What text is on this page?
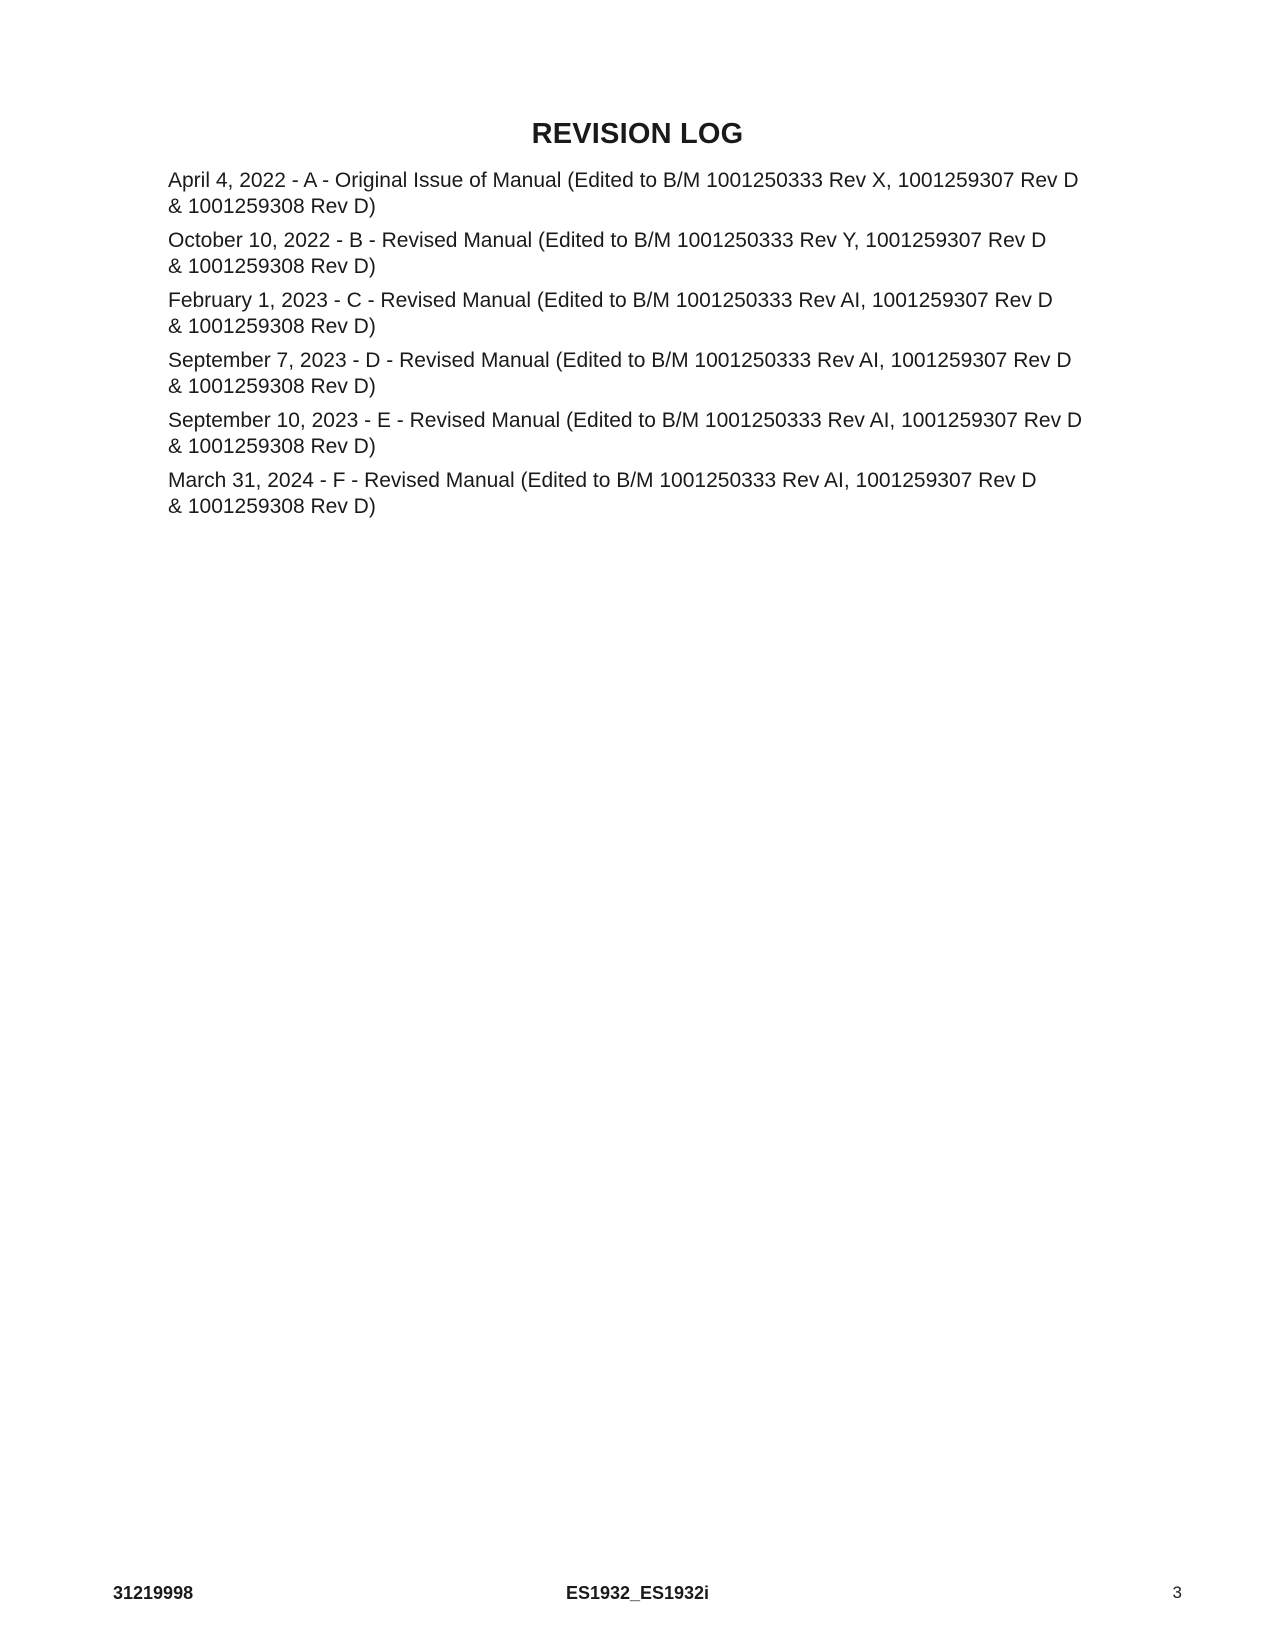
REVISION LOG
April 4, 2022 - A - Original Issue of Manual (Edited to B/M 1001250333 Rev X, 1001259307 Rev D
& 1001259308 Rev D)
October 10, 2022 - B - Revised Manual (Edited to B/M 1001250333 Rev Y, 1001259307 Rev D
& 1001259308 Rev D)
February 1, 2023 - C - Revised Manual (Edited to B/M 1001250333 Rev AI, 1001259307 Rev D
& 1001259308 Rev D)
September 7, 2023 - D - Revised Manual (Edited to B/M 1001250333 Rev AI, 1001259307 Rev D
& 1001259308 Rev D)
September 10, 2023 - E - Revised Manual (Edited to B/M 1001250333 Rev AI, 1001259307 Rev D
& 1001259308 Rev D)
March 31, 2024 - F - Revised Manual (Edited to B/M 1001250333 Rev AI, 1001259307 Rev D
& 1001259308 Rev D)
31219998	ES1932_ES1932i	3
